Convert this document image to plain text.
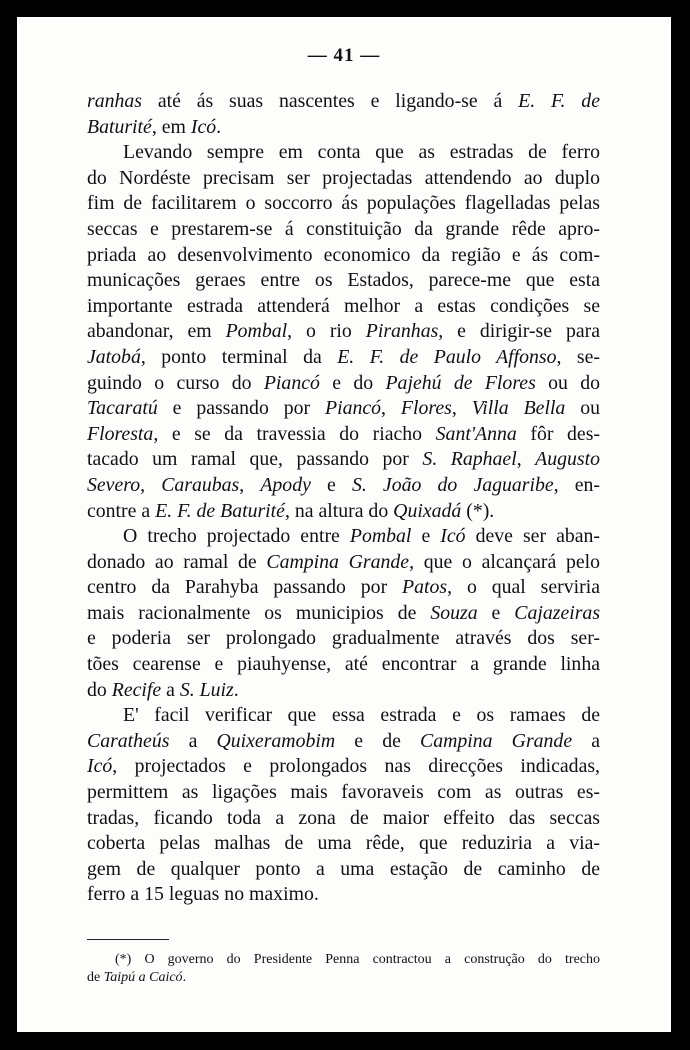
— 41 —
ranhas até ás suas nascentes e ligando-se á E. F. de
Baturité, em Icó.
Levando sempre em conta que as estradas de ferro
do Nordéste precisam ser projectadas attendendo ao duplo
fim de facilitarem o soccorro ás populações flagelladas pelas
seccas e prestarem-se á constituição da grande rêde apro-
priada ao desenvolvimento economico da região e ás com-
municações geraes entre os Estados, parece-me que esta
importante estrada attenderá melhor a estas condições se
abandonar, em Pombal, o rio Piranhas, e dirigir-se para
Jatobá, ponto terminal da E. F. de Paulo Affonso, se-
guindo o curso do Piancó e do Pajehú de Flores ou do
Tacaratú e passando por Piancó, Flores, Villa Bella ou
Floresta, e se da travessia do riacho Sant'Anna fôr des-
tacado um ramal que, passando por S. Raphael, Augusto
Severo, Caraubas, Apody e S. João do Jaguaribe, en-
contre a E. F. de Baturité, na altura do Quixadá (*).
O trecho projectado entre Pombal e Icó deve ser aban-
donado ao ramal de Campina Grande, que o alcançará pelo
centro da Parahyba passando por Patos, o qual serviria
mais racionalmente os municipios de Souza e Cajazeiras
e poderia ser prolongado gradualmente através dos ser-
tões cearense e piauhyense, até encontrar a grande linha
do Recife a S. Luiz.
E' facil verificar que essa estrada e os ramaes de
Caratheús a Quixeramobim e de Campina Grande a
Icó, projectados e prolongados nas direcções indicadas,
permittem as ligações mais favoraveis com as outras es-
tradas, ficando toda a zona de maior effeito das seccas
coberta pelas malhas de uma rêde, que reduziria a via-
gem de qualquer ponto a uma estação de caminho de
ferro a 15 leguas no maximo.
(*) O governo do Presidente Penna contractou a construção do trecho
de Taipú a Caicó.
